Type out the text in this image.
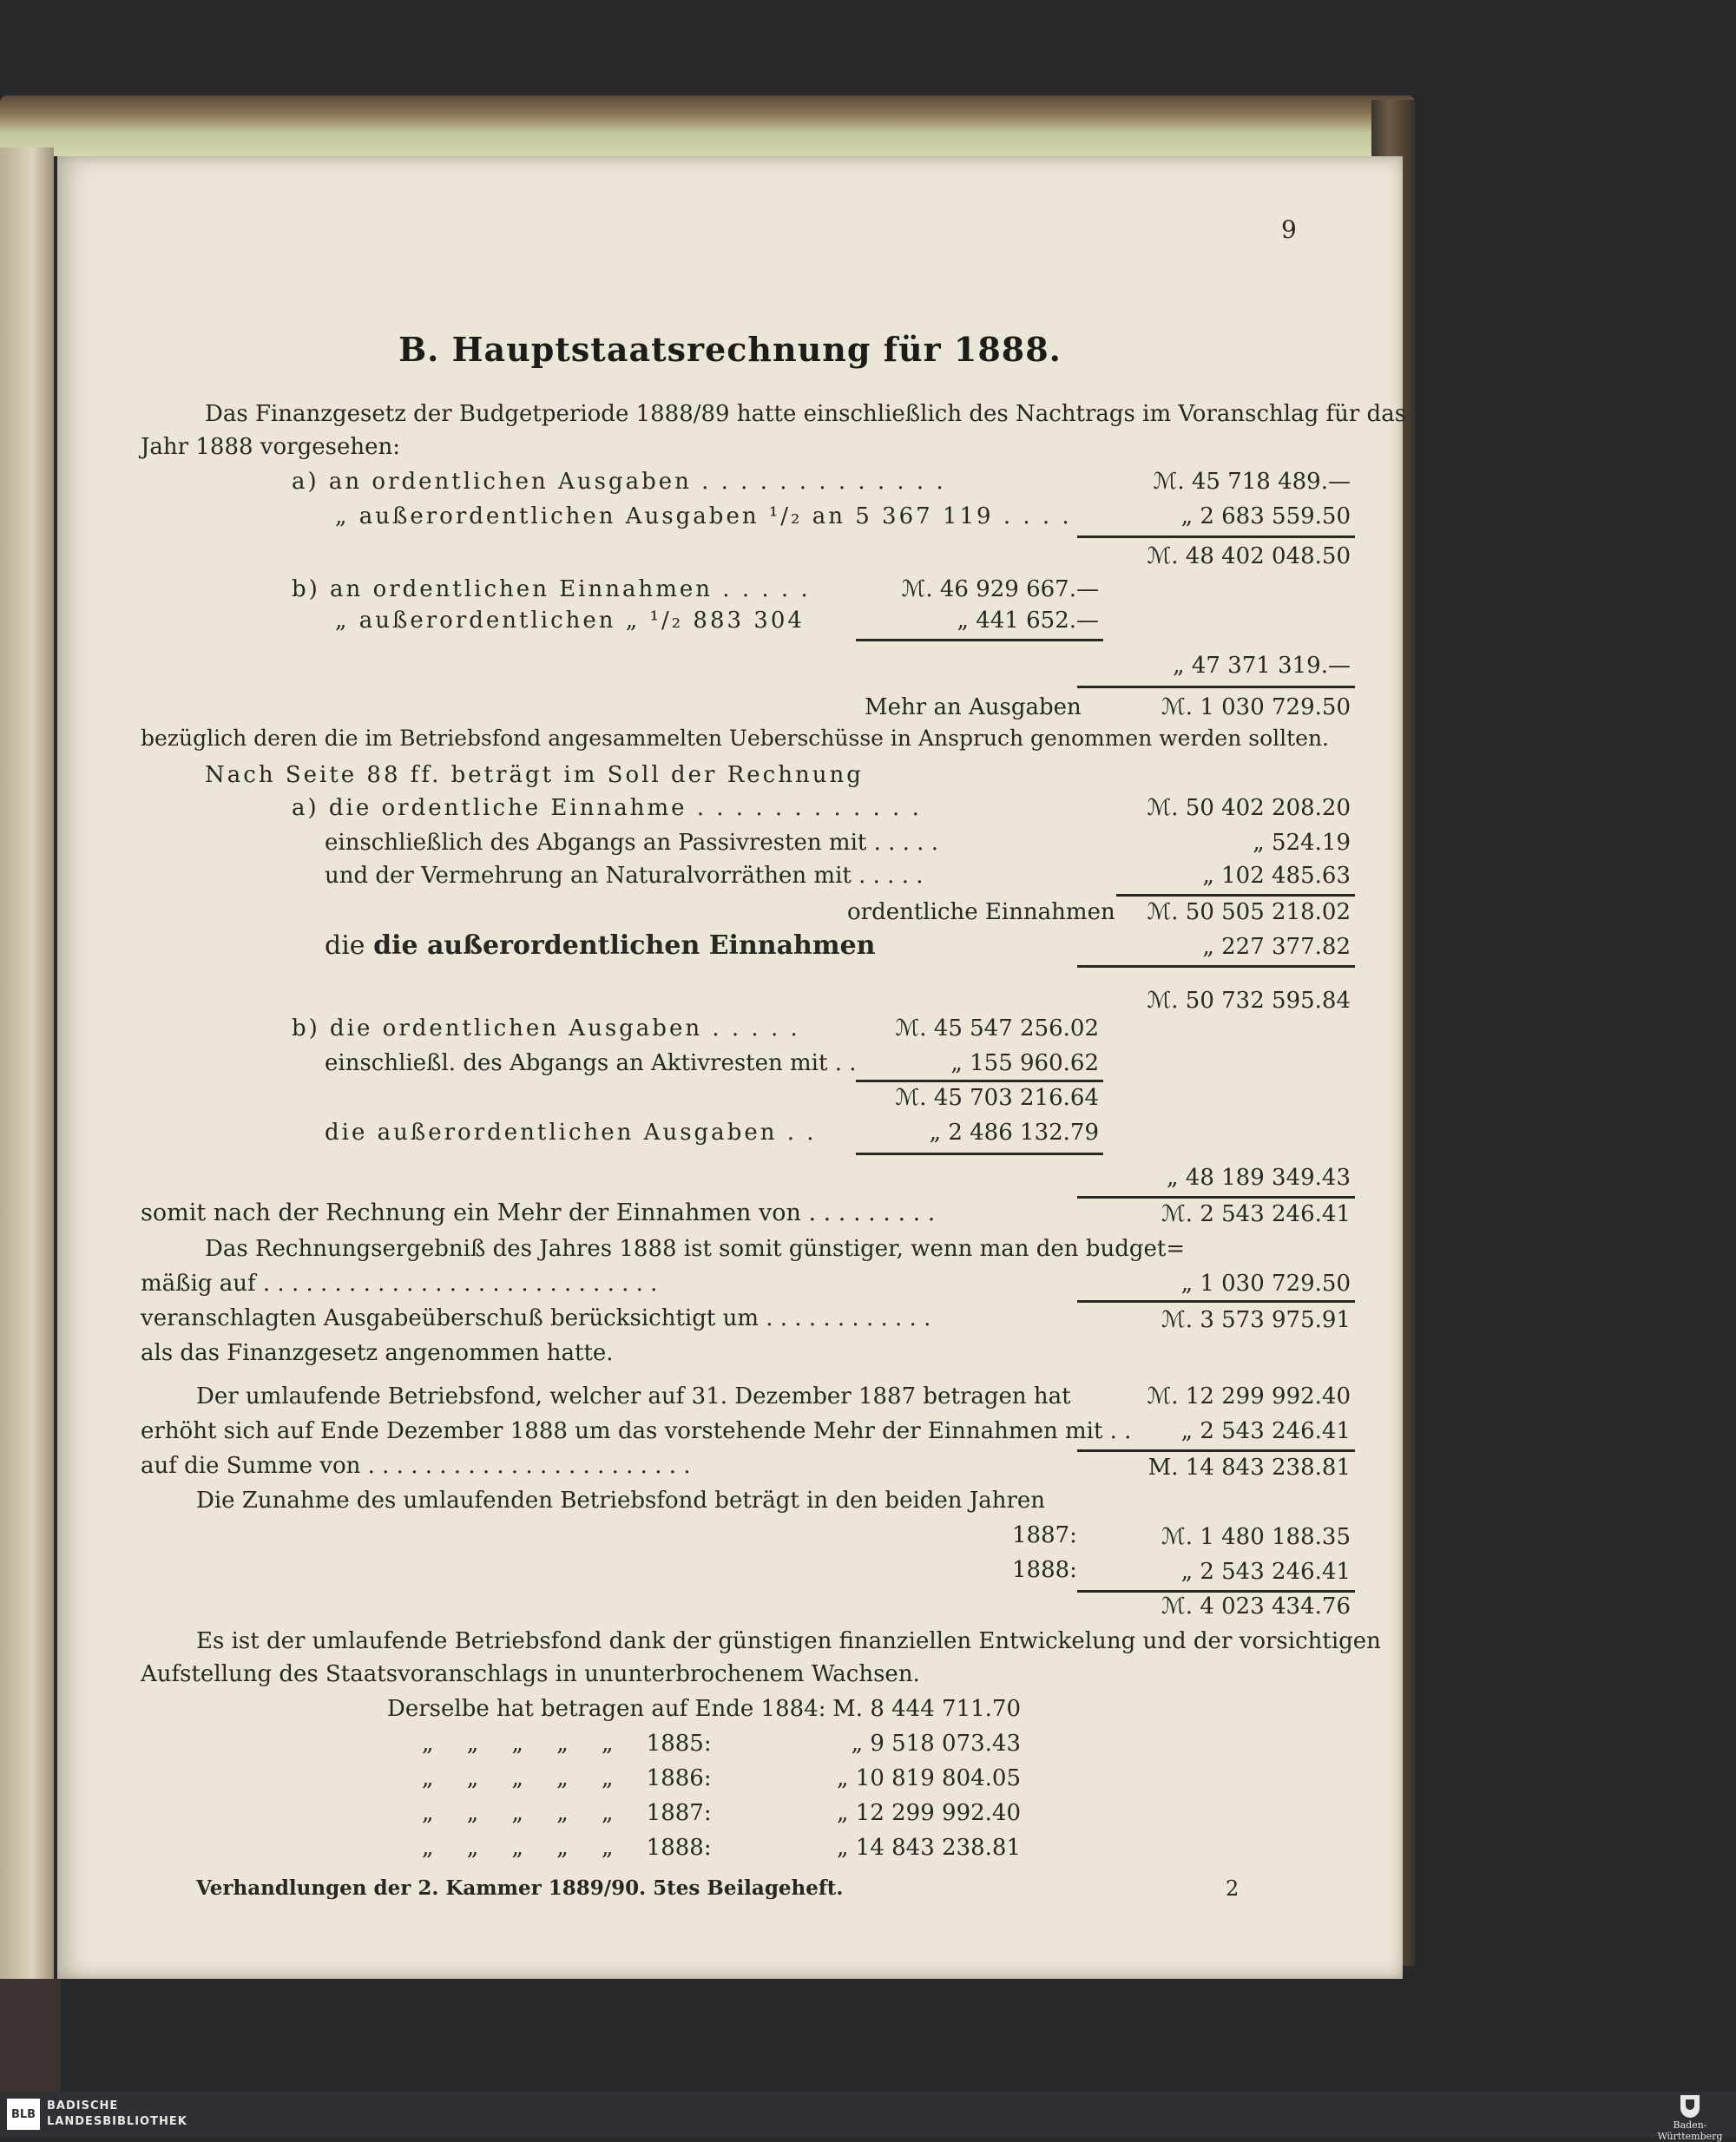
9
B. Hauptstaatsrechnung für 1888.
Das Finanzgesetz der Budgetperiode 1888/89 hatte einschließlich des Nachtrags im Voranschlag für das
Jahr 1888 vorgesehen:
a) an ordentlichen Ausgaben . . . . . . . . . . . . .	ℳ. 45 718 489.—
„ außerordentlichen Ausgaben ¹/₂ an 5 367 119 . . . .	„ 2 683 559.50
ℳ. 48 402 048.50
b) an ordentlichen Einnahmen . . . . .	ℳ. 46 929 667.—
„ außerordentlichen „ ¹/₂ 883 304	„ 441 652.—
„ 47 371 319.—
Mehr an Ausgaben	ℳ. 1 030 729.50
bezüglich deren die im Betriebsfond angesammelten Ueberschüsse in Anspruch genommen werden sollten.
Nach Seite 88 ff. beträgt im Soll der Rechnung
a) die ordentliche Einnahme . . . . . . . . . . . .	ℳ. 50 402 208.20
einschließlich des Abgangs an Passivresten mit . . . . .	„ 524.19
und der Vermehrung an Naturalvorräthen mit . . . . .	„ 102 485.63
ordentliche Einnahmen	ℳ. 50 505 218.02
die die außerordentlichen Einnahmen	„ 227 377.82
ℳ. 50 732 595.84
b) die ordentlichen Ausgaben . . . . .	ℳ. 45 547 256.02
einschließl. des Abgangs an Aktivresten mit . .	„ 155 960.62
ℳ. 45 703 216.64
die außerordentlichen Ausgaben . .	„ 2 486 132.79
„ 48 189 349.43
somit nach der Rechnung ein Mehr der Einnahmen von . . . . . . . . .	ℳ. 2 543 246.41
Das Rechnungsergebniß des Jahres 1888 ist somit günstiger, wenn man den budget=
mäßig auf . . . . . . . . . . . . . . . . . . . . . . . . . . . .	„ 1 030 729.50
veranschlagten Ausgabeüberschuß berücksichtigt um . . . . . . . . . . . .	ℳ. 3 573 975.91
als das Finanzgesetz angenommen hatte.
Der umlaufende Betriebsfond, welcher auf 31. Dezember 1887 betragen hat	ℳ. 12 299 992.40
erhöht sich auf Ende Dezember 1888 um das vorstehende Mehr der Einnahmen mit . .	„ 2 543 246.41
auf die Summe von . . . . . . . . . . . . . . . . . . . . . . .	M. 14 843 238.81
Die Zunahme des umlaufenden Betriebsfond beträgt in den beiden Jahren
1887:	ℳ. 1 480 188.35
1888:	„ 2 543 246.41
ℳ. 4 023 434.76
Es ist der umlaufende Betriebsfond dank der günstigen finanziellen Entwickelung und der vorsichtigen
Aufstellung des Staatsvoranschlags in ununterbrochenem Wachsen.
Derselbe hat betragen auf Ende 1884: M. 8 444 711.70
„ „ „ „ „ 1885:	„ 9 518 073.43
„ „ „ „ „ 1886:	„ 10 819 804.05
„ „ „ „ „ 1887:	„ 12 299 992.40
„ „ „ „ „ 1888:	„ 14 843 238.81
Verhandlungen der 2. Kammer 1889/90. 5tes Beilageheft.	2
BLB
BADISCHE
LANDESBIBLIOTHEK	Baden-Württemberg
